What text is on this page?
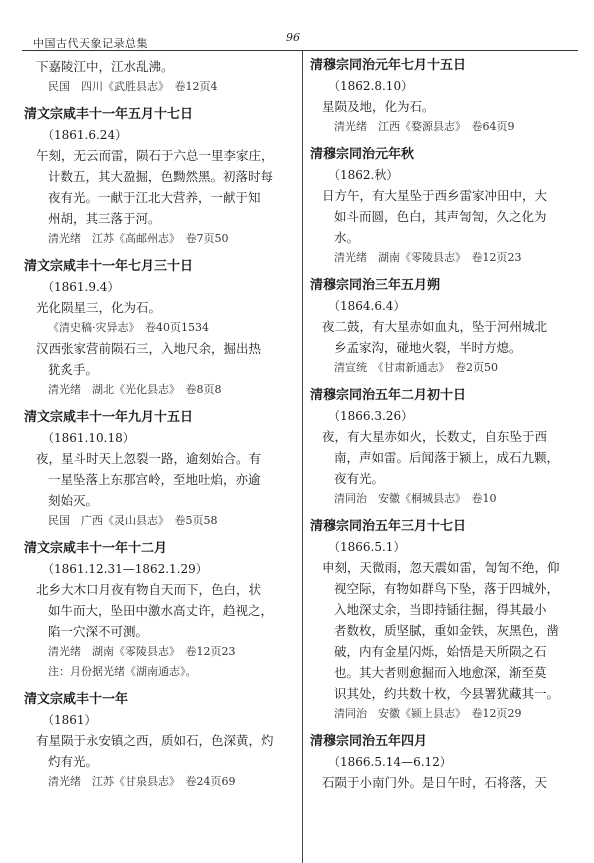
中国古代天象记录总集	96
下嘉陵江中，江水乱沸。
民国　四川《武胜县志》　卷12页4
清文宗咸丰十一年五月十七日
（1861.6.24）
午刻，无云而雷，陨石于六总一里李家庄，
计数五，其大盈掘，色黝然黑。初落时每
夜有光。一献于江北大营养，一献于知
州胡，其三落于河。
清光绪　江苏《高邮州志》　卷7页50
清文宗咸丰十一年七月三十日
（1861.9.4）
光化陨星三，化为石。
《清史稿·灾异志》　卷40页1534
汉西张家营前陨石三，入地尺余，掘出热
犹炙手。
清光绪　湖北《光化县志》　卷8页8
清文宗咸丰十一年九月十五日
（1861.10.18）
夜，星斗时天上忽裂一路，逾刻始合。有
一星坠落上东那宫岭，至地吐焰，亦逾
刻始灭。
民国　广西《灵山县志》　卷5页58
清文宗咸丰十一年十二月
（1861.12.31—1862.1.29）
北乡大木口月夜有物自天而下，色白，状
如牛而大，坠田中激水高丈许，趋视之，
陷一穴深不可测。
清光绪　湖南《零陵县志》　卷12页23
注：月份据光绪《湖南通志》。
清文宗咸丰十一年
（1861）
有星陨于永安镇之西，质如石，色深黄，灼
灼有光。
清光绪　江苏《甘泉县志》　卷24页69
清穆宗同治元年七月十五日
（1862.8.10）
星陨及地，化为石。
清光绪　江西《婺源县志》　卷64页9
清穆宗同治元年秋
（1862.秋）
日方午，有大星坠于西乡雷家冲田中，大
如斗而圆，色白，其声訇訇，久之化为
水。
清光绪　湖南《零陵县志》　卷12页23
清穆宗同治三年五月朔
（1864.6.4）
夜二鼓，有大星赤如血丸，坠于河州城北
乡孟家沟，碰地火裂，半时方熄。
清宣统　《甘肃新通志》　卷2页50
清穆宗同治五年二月初十日
（1866.3.26）
夜，有大星赤如火，长数丈，自东坠于西
南，声如雷。后闻落于颍上，成石九颗，
夜有光。
清同治　安徽《桐城县志》　卷10
清穆宗同治五年三月十七日
（1866.5.1）
申刻，天微雨，忽天震如雷，訇訇不绝，仰
视空际，有物如群鸟下坠，落于四城外，
入地深丈余，当即持锸往掘，得其最小
者数枚，质坚腻，重如金铁，灰黑色，凿
破，内有金星闪烁，始悟是天所陨之石
也。其大者则愈掘而入地愈深，渐至莫
识其处，约共数十枚，今县署犹藏其一。
清同治　安徽《颍上县志》　卷12页29
清穆宗同治五年四月
（1866.5.14—6.12）
石陨于小南门外。是日午时，石将落，天
